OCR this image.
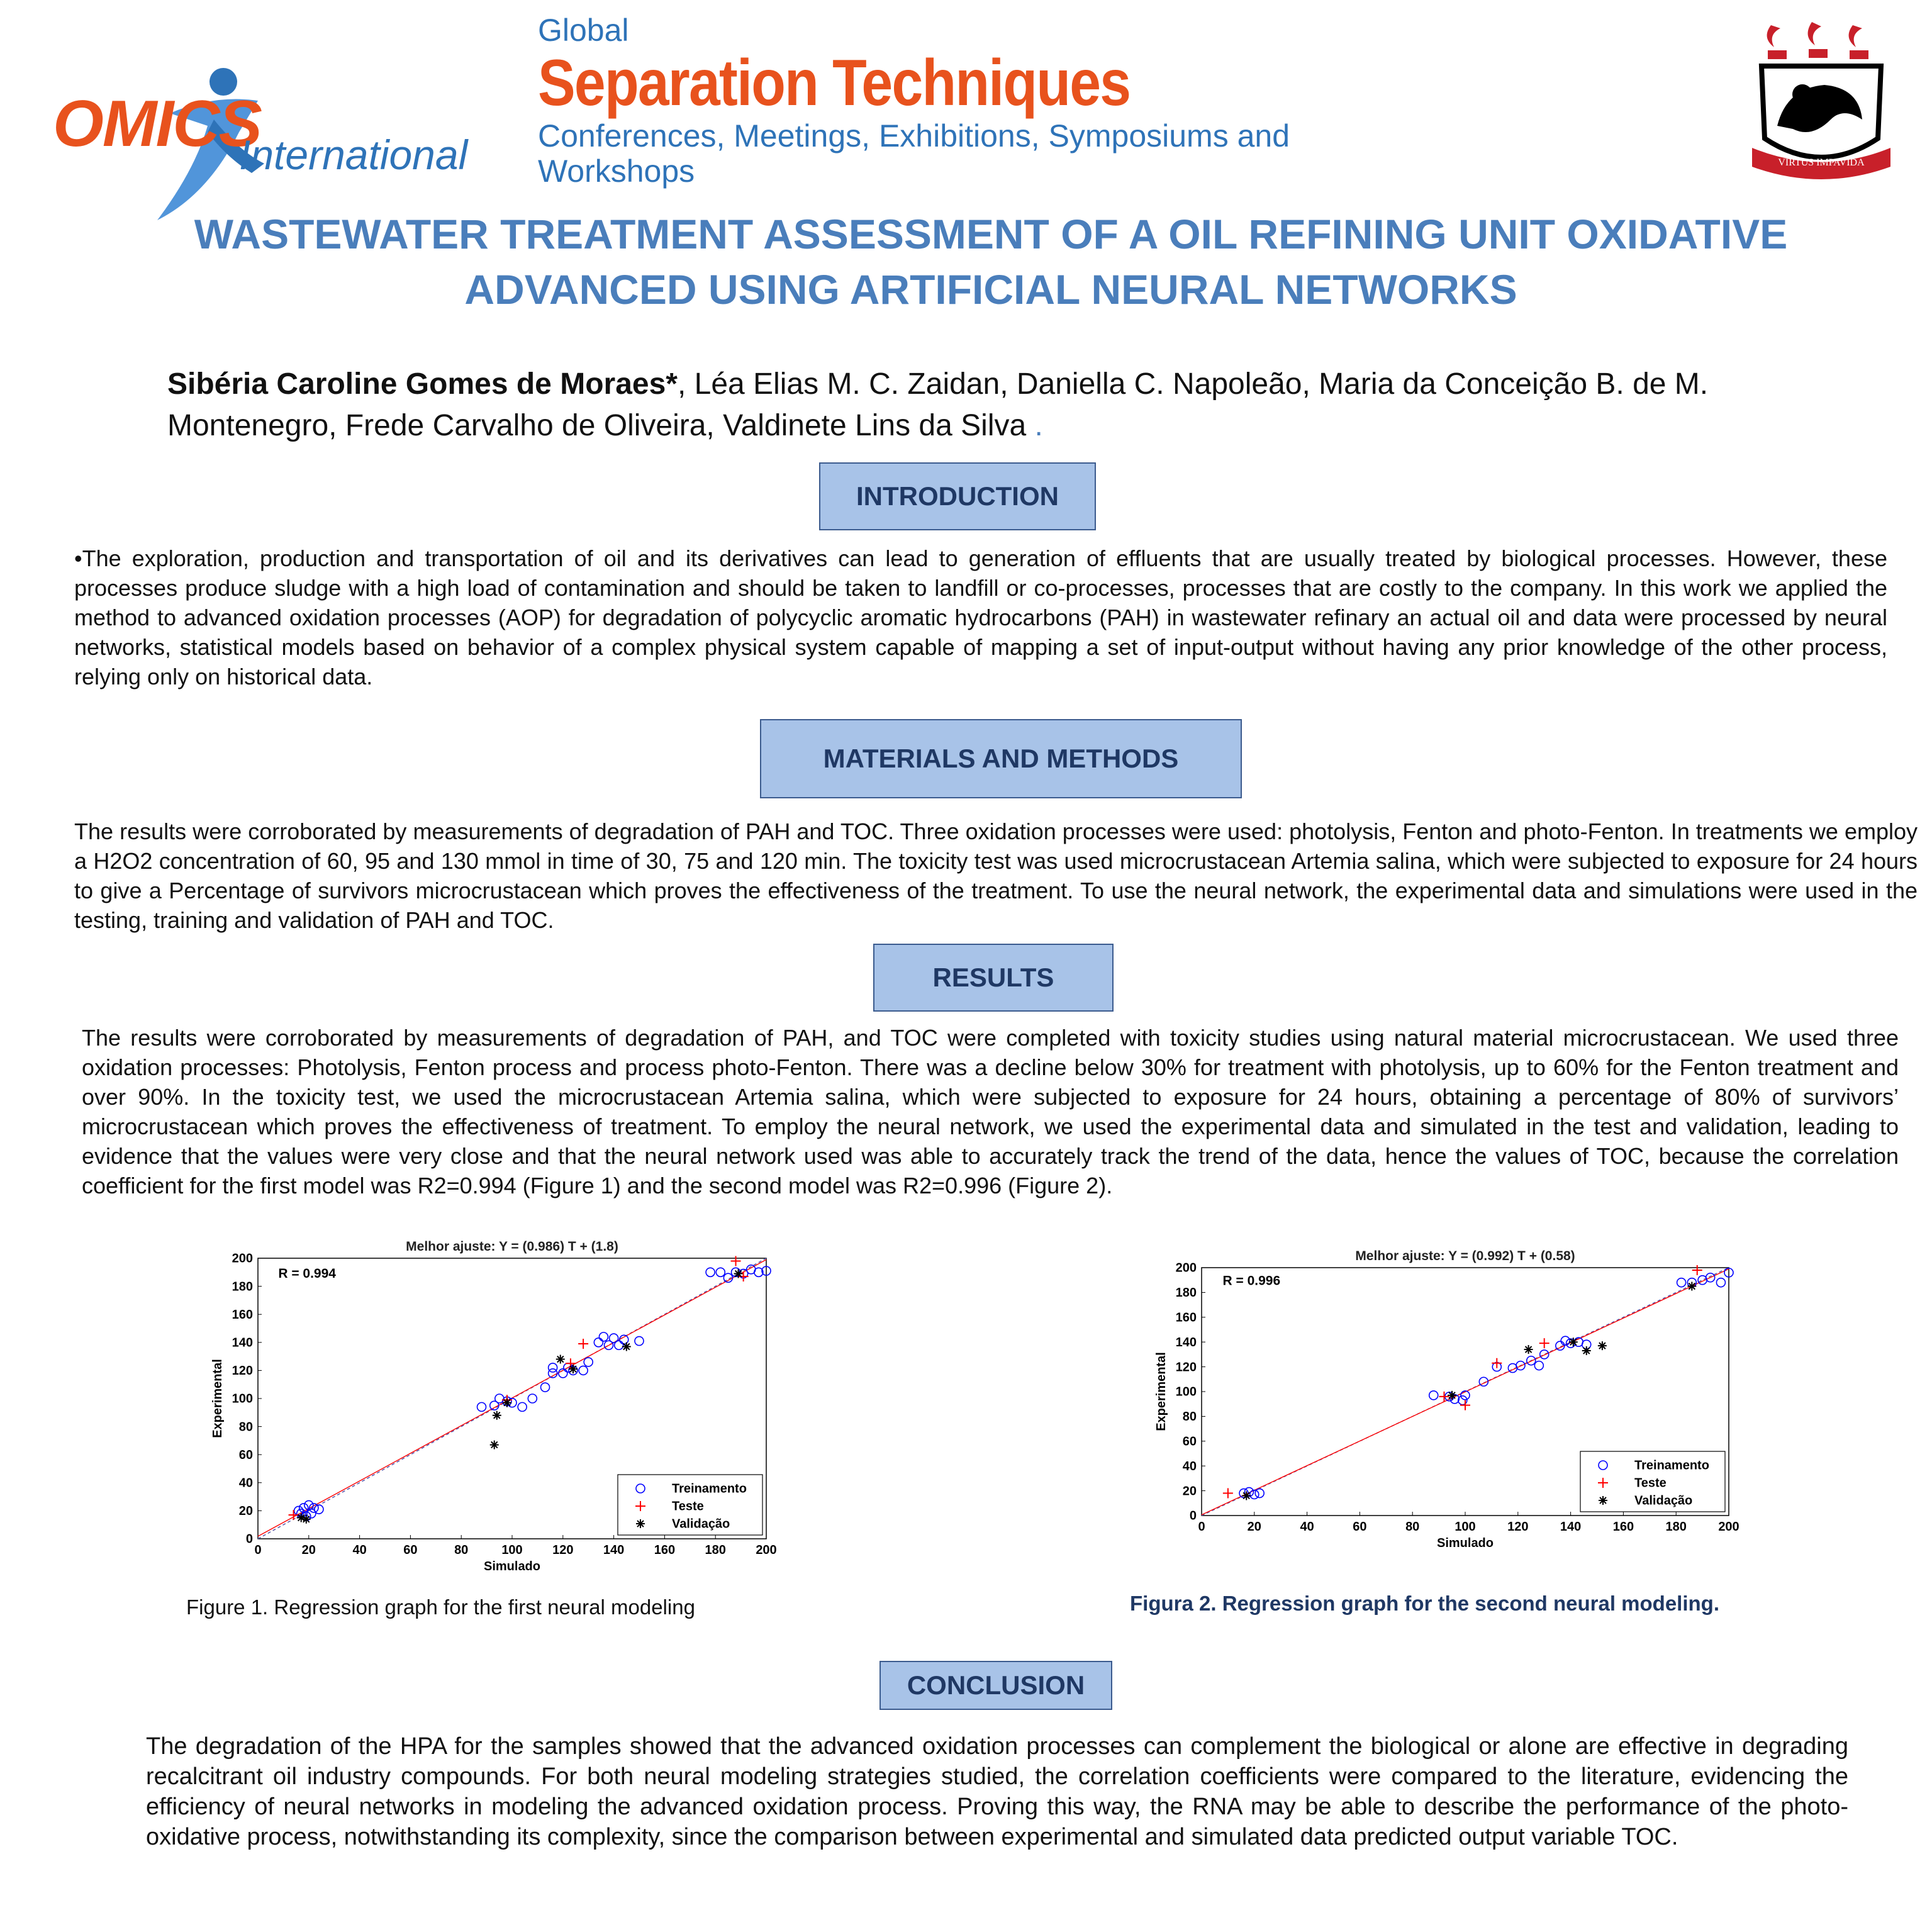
OMICS
International
Global
Separation Techniques
Conferences, Meetings, Exhibitions, Symposiums and Workshops	VIRTUS IMPAVIDA
WASTEWATER TREATMENT ASSESSMENT OF A OIL REFINING UNIT OXIDATIVE ADVANCED USING ARTIFICIAL NEURAL NETWORKS
Sibéria Caroline Gomes de Moraes*, Léa Elias M. C. Zaidan, Daniella C. Napoleão, Maria da Conceição B. de M. Montenegro, Frede Carvalho de Oliveira, Valdinete Lins da Silva .
INTRODUCTION
•The exploration, production and transportation of oil and its derivatives can lead to generation of effluents that are usually treated by biological processes. However, these processes produce sludge with a high load of contamination and should be taken to landfill or co-processes, processes that are costly to the company. In this work we applied the method to advanced oxidation processes (AOP) for degradation of polycyclic aromatic hydrocarbons (PAH) in wastewater refinary an actual oil and data were processed by neural networks, statistical models based on behavior of a complex physical system capable of mapping a set of input-output without having any prior knowledge of the other process, relying only on historical data.
MATERIALS AND METHODS
The results were corroborated by measurements of degradation of PAH and TOC. Three oxidation processes were used: photolysis, Fenton and photo-Fenton. In treatments we employ a H2O2 concentration of 60, 95 and 130 mmol in time of 30, 75 and 120 min. The toxicity test was used microcrustacean Artemia salina, which were subjected to exposure for 24 hours to give a Percentage of survivors microcrustacean which proves the effectiveness of the treatment. To use the neural network, the experimental data and simulations were used in the testing, training and validation of PAH and TOC.
RESULTS
The results were corroborated by measurements of degradation of PAH, and TOC were completed with toxicity studies using natural material microcrustacean. We used three oxidation processes: Photolysis, Fenton process and process photo-Fenton. There was a decline below 30% for treatment with photolysis, up to 60% for the Fenton treatment and over 90%. In the toxicity test, we used the microcrustacean Artemia salina, which were subjected to exposure for 24 hours, obtaining a percentage of 80% of survivors’ microcrustacean which proves the effectiveness of treatment. To employ the neural network, we used the experimental data and simulated in the test and validation, leading to evidence that the values were very close and that the neural network used was able to accurately track the trend of the data, hence the values of TOC, because the correlation coefficient for the first model was R2=0.994 (Figure 1) and the second model was R2=0.996 (Figure 2).
Melhor ajuste: Y = (0.986) T + (1.8)
0	20	40	60	80	100 120 140 160 180 200
0
20
40
60
80
100
120
140
160
180
200
Simulado
Experimental
R = 0.994
Treinamento
Teste
Validação
Melhor ajuste: Y = (0.992) T + (0.58)
0	20	40	60	80	100	120	140	160	180	200
0
20
40
60
80
100
120
140
160
180
200
Simulado
Experimental
R = 0.996
Treinamento
Teste
Validação
Figure 1. Regression graph for the first neural modeling	Figura 2. Regression graph for the second neural modeling.
CONCLUSION
The degradation of the HPA for the samples showed that the advanced oxidation processes can complement the biological or alone are effective in degrading recalcitrant oil industry compounds. For both neural modeling strategies studied, the correlation coefficients were compared to the literature, evidencing the efficiency of neural networks in modeling the advanced oxidation process. Proving this way, the RNA may be able to describe the performance of the photo-oxidative process, notwithstanding its complexity, since the comparison between experimental and simulated data predicted output variable TOC.
